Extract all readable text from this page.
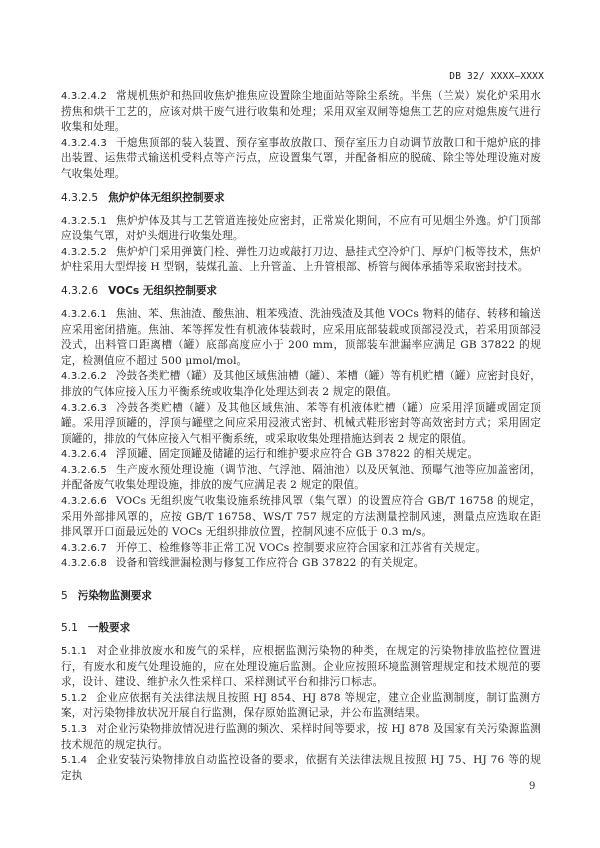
DB 32/ XXXX—XXXX

4.3.2.4.2 常规机焦炉和热回收焦炉推焦应设置除尘地面站等除尘系统。半焦（兰炭）炭化炉采用水捞焦和烘干工艺的，应该对烘干废气进行收集和处理；采用双室双闸等熄焦工艺的应对熄焦废气进行收集和处理。

4.3.2.4.3 干熄焦顶部的装入装置、预存室事故放散口、预存室压力自动调节放散口和干熄炉底的排出装置、运焦带式输送机受料点等产污点，应设置集气罩，并配备相应的脱硫、除尘等处理设施对废气收集处理。

4.3.2.5 焦炉炉体无组织控制要求

4.3.2.5.1 焦炉炉体及其与工艺管道连接处应密封，正常炭化期间，不应有可见烟尘外逸。炉门顶部应设集气罩，对炉头烟进行收集处理。

4.3.2.5.2 焦炉炉门采用弹簧门栓、弹性刀边或敲打刀边、悬挂式空冷炉门、厚炉门板等技术，焦炉炉柱采用大型焊接 H 型钢，装煤孔盖、上升管盖、上升管根部、桥管与阀体承插等采取密封技术。

4.3.2.6 VOCs 无组织控制要求

4.3.2.6.1 焦油、苯、焦油渣、酸焦油、粗苯残渣、洗油残渣及其他 VOCs 物料的储存、转移和输送应采用密闭措施。焦油、苯等挥发性有机液体装载时，应采用底部装载或顶部浸没式，若采用顶部浸没式，出料管口距离槽（罐）底部高度应小于 200 mm，顶部装车泄漏率应满足 GB 37822 的规定，检测值应不超过 500 μmol/mol。

4.3.2.6.2 冷鼓各类贮槽（罐）及其他区域焦油槽（罐）、苯槽（罐）等有机贮槽（罐）应密封良好，排放的气体应接入压力平衡系统或收集净化处理达到表 2 规定的限值。

4.3.2.6.3 冷鼓各类贮槽（罐）及其他区域焦油、苯等有机液体贮槽（罐）应采用浮顶罐或固定顶罐。采用浮顶罐的，浮顶与罐壁之间应采用浸液式密封、机械式鞋形密封等高效密封方式；采用固定顶罐的，排放的气体应接入气相平衡系统，或采取收集处理措施达到表 2 规定的限值。

4.3.2.6.4 浮顶罐、固定顶罐及储罐的运行和维护要求应符合 GB 37822 的相关规定。

4.3.2.6.5 生产废水预处理设施（调节池、气浮池、隔油池）以及厌氧池、预曝气池等应加盖密闭，并配备废气收集处理设施，排放的废气应满足表 2 规定的限值。

4.3.2.6.6 VOCs 无组织废气收集设施系统排风罩（集气罩）的设置应符合 GB/T 16758 的规定，采用外部排风罩的，应按 GB/T 16758、WS/T 757 规定的方法测量控制风速，测量点应选取在距排风罩开口面最远处的 VOCs 无组织排放位置，控制风速不应低于 0.3 m/s。

4.3.2.6.7 开停工、检维修等非正常工况 VOCs 控制要求应符合国家和江苏省有关规定。

4.3.2.6.8 设备和管线泄漏检测与修复工作应符合 GB 37822 的有关规定。

5 污染物监测要求

5.1 一般要求

5.1.1 对企业排放废水和废气的采样，应根据监测污染物的种类，在规定的污染物排放监控位置进行，有废水和废气处理设施的，应在处理设施后监测。企业应按照环境监测管理规定和技术规范的要求，设计、建设、维护永久性采样口、采样测试平台和排污口标志。

5.1.2 企业应依据有关法律法规且按照 HJ 854、HJ 878 等规定，建立企业监测制度，制订监测方案，对污染物排放状况开展自行监测，保存原始监测记录，并公布监测结果。

5.1.3 对企业污染物排放情况进行监测的频次、采样时间等要求，按 HJ 878 及国家有关污染源监测技术规范的规定执行。

5.1.4 企业安装污染物排放自动监控设备的要求，依据有关法律法规且按照 HJ 75、HJ 76 等的规定执

9
